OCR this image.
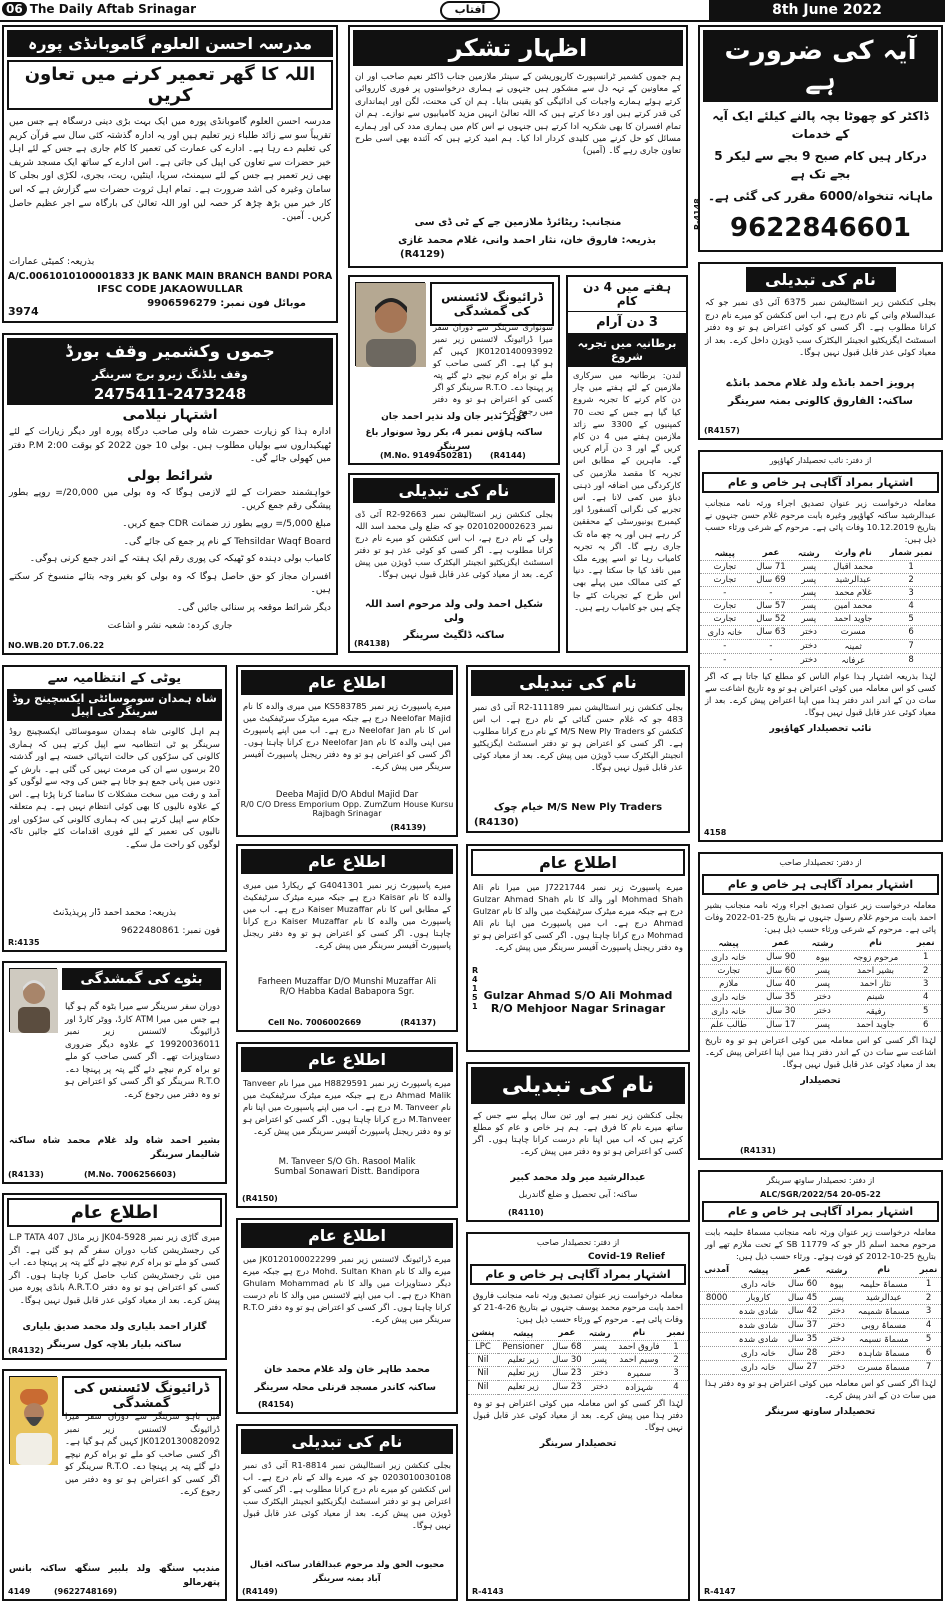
06 The Daily Aftab Srinagar	آفتاب	8th June 2022
مدرسہ احسن العلوم گاموبانڈی پورہ
اللہ کا گھر تعمیر کرنے میں تعاون کریں
مدرسہ احسن العلوم گاموبانڈی پورہ میں ایک بہت بڑی دینی درسگاہ ہے جس میں تقریباً سو سے زائد طلباء زیر تعلیم ہیں اور یہ ادارہ گذشتہ کئی سال سے قرآن کریم کی تعلیم دے رہا ہے۔ ادارے کی عمارت کی تعمیر کا کام جاری ہے جس کے لئے اہل خیر حضرات سے تعاون کی اپیل کی جاتی ہے۔ اس ادارے کے ساتھ ایک مسجد شریف بھی زیر تعمیر ہے جس کے لئے سیمنٹ، سریا، اینٹیں، ریت، بجری، لکڑی اور بجلی کا سامان وغیرہ کی اشد ضرورت ہے۔ تمام اہل ثروت حضرات سے گزارش ہے کہ اس کار خیر میں بڑھ چڑھ کر حصہ لیں اور اللہ تعالیٰ کی بارگاہ سے اجر عظیم حاصل کریں۔ آمین۔
بذریعہ: کمیٹی عمارات
A/C.0061010100001833 JK BANK MAIN BRANCH BANDI PORA
IFSC CODE JAKAOWULLAR
موبائل فون نمبر: 9906596279
3974
جموں وکشمیر وقف بورڈ
وقف بلڈنگ زیرو برج سرینگر
2475411-2473248
اشتہار نیلامی
ادارہ ہذا کو زیارت حضرت شاہ ولی صاحب درگاہ پورہ اور دیگر زیارات کے لئے ٹھیکیداروں سے بولیاں مطلوب ہیں۔ بولی 10 جون 2022 کو بوقت 2:00 P.M دفتر میں کھولی جائے گی۔
شرائط بولی
خواہشمند حضرات کے لئے لازمی ہوگا کہ وہ بولی میں 20,000/= روپے بطور پیشگی رقم جمع کریں۔
مبلغ 5,000/= روپے بطور زر ضمانت CDR جمع کریں۔
Tehsildar Waqf Board کے نام پر جمع کی جائے گی۔
کامیاب بولی دہندہ کو ٹھیکہ کی پوری رقم ایک ہفتہ کے اندر جمع کرنی ہوگی۔
افسران مجاز کو حق حاصل ہوگا کہ وہ بولی کو بغیر وجہ بتائے منسوخ کر سکتے ہیں۔
دیگر شرائط موقعہ پر سنائی جائیں گی۔
جاری کردہ: شعبہ نشر و اشاعت
NO.WB.20 DT.7.06.22
یوٹی کے انتظامیہ سے
شاہ ہمدان سوموسائٹی ایکسچینج روڈ سرینگر کی اپیل
ہم اہل کالونی شاہ ہمدان سوموسائٹی ایکسچینج روڈ سرینگر یو ٹی انتظامیہ سے اپیل کرتے ہیں کہ ہماری کالونی کی سڑکوں کی حالت انتہائی خستہ ہے اور گذشتہ 20 برسوں سے ان کی مرمت نہیں کی گئی ہے۔ بارش کے دنوں میں پانی جمع ہو جاتا ہے جس کی وجہ سے لوگوں کو آمد و رفت میں سخت مشکلات کا سامنا کرنا پڑتا ہے۔ اس کے علاوہ نالیوں کا بھی کوئی انتظام نہیں ہے۔ ہم متعلقہ حکام سے اپیل کرتے ہیں کہ ہماری کالونی کی سڑکوں اور نالیوں کی تعمیر کے لئے فوری اقدامات کئے جائیں تاکہ لوگوں کو راحت مل سکے۔
بذریعہ: محمد احمد ڈار پریذیڈنٹ
فون نمبر: 9622480861
R:4135
بٹوے کی گمشدگی
دوران سفر سرینگر سے میرا بٹوہ گم ہو گیا ہے جس میں میرا ATM کارڈ، ووٹر کارڈ اور ڈرائیونگ لائسنس زیر نمبر 19920036011 کے علاوہ دیگر ضروری دستاویزات تھے۔ اگر کسی صاحب کو ملے تو براہ کرم نیچے دئے گئے پتہ پر پہنچا دے۔ R.T.O سرینگر کو اگر کسی کو اعتراض ہو تو وہ دفتر میں رجوع کرے۔
بشیر احمد شاہ ولد غلام محمد شاہ ساکنہ شالیمار سرینگر
(R4133)	(M.No. 7006256603)
اطلاع عام
میری گاڑی زیر نمبر JK04-5928 زیر ماڈل L.P TATA 407 کی رجسٹریشن کتاب دوران سفر گم ہو گئی ہے۔ اگر کسی کو ملے تو براہ کرم نیچے دئے گئے پتہ پر پہنچا دے۔ اب میں نئی رجسٹریشن کتاب حاصل کرنا چاہتا ہوں۔ اگر کسی کو اعتراض ہو تو وہ دفتر A.R.T.O بانڈی پورہ میں پیش کرے۔ بعد از معیاد کوئی عذر قابل قبول نہیں ہوگا۔
گلزار احمد بلیاری ولد محمد صدیق بلیاری
ساکنہ بلیار بلاچہ کول سرینگر
(R4132)
ڈرائیونگ لائسنس کی گمشدگی
میں باہو سرینگر سے دوران سفر میرا ڈرائیونگ لائسنس زیر نمبر JK0120130082092 کہیں گم ہو گیا ہے۔ اگر کسی صاحب کو ملے تو براہ کرم نیچے دئے گئے پتہ پر پہنچا دے۔ R.T.O سرینگر کو اگر کسی کو اعتراض ہو تو وہ دفتر میں رجوع کرے۔
مندیپ سنگھ ولد بلبیر سنگھ ساکنہ بانس پتھرمالو
4149	(9622748169)
اظہار تشکر
ہم جموں کشمیر ٹرانسپورٹ کارپوریشن کے سینئر ملازمین جناب ڈاکٹر نعیم صاحب اور ان کے معاونین کے تہہ دل سے مشکور ہیں جنہوں نے ہماری درخواستوں پر فوری کارروائی کرتے ہوئے ہمارے واجبات کی ادائیگی کو یقینی بنایا۔ ہم ان کی محنت، لگن اور ایمانداری کی قدر کرتے ہیں اور دعا کرتے ہیں کہ اللہ تعالیٰ انہیں مزید کامیابیوں سے نوازے۔ ہم ان تمام افسران کا بھی شکریہ ادا کرتے ہیں جنہوں نے اس کام میں ہماری مدد کی اور ہمارے مسائل کو حل کرنے میں کلیدی کردار ادا کیا۔ ہم امید کرتے ہیں کہ آئندہ بھی اسی طرح تعاون جاری رہے گا۔ (آمین)
منجانب: ریٹائرڈ ملازمین جے کے ٹی ڈی سی
بذریعہ: فاروق خان، نثار احمد وانی، غلام محمد غازی
(R4129)
ڈرائیونگ لائسنس کی گمشدگی
سونواری سرینگر سے دوران سفر میرا ڈرائیونگ لائسنس زیر نمبر JK0120140093992 کہیں گم ہو گیا ہے۔ اگر کسی صاحب کو ملے تو براہ کرم نیچے دئے گئے پتہ پر پہنچا دے۔ R.T.O سرینگر کو اگر کسی کو اعتراض ہو تو وہ دفتر میں رجوع کرے۔
گوہر نذیر جان ولد نذیر احمد جان
ساکنہ ہاؤس نمبر 4، بکر روڈ سونوار باغ سرینگر
(R4144)
(M.No. 9149450281)
نام کی تبدیلی
بجلی کنکشن زیر انسٹالیشن نمبر R2-92663 آئی ڈی نمبر 0201020002623 جو کہ ضلع ولی محمد اسد اللہ ولی کے نام درج ہے، اب اس کنکشن کو میرے نام درج کرانا مطلوب ہے۔ اگر کسی کو کوئی عذر ہو تو دفتر اسسٹنٹ ایگزیکٹیو انجینئر الیکٹرک سب ڈویژن میں پیش کرے۔ بعد از معیاد کوئی عذر قابل قبول نہیں ہوگا۔
شکیل احمد ولی ولد مرحوم اسد اللہ ولی
ساکنہ ڈلگیٹ سرینگر
(R4138)
ہفتے میں 4 دن کام
3 دن آرام
برطانیہ میں تجربہ شروع
لندن: برطانیہ میں سرکاری ملازمین کے لئے ہفتے میں چار دن کام کرنے کا تجربہ شروع کیا گیا ہے جس کے تحت 70 کمپنیوں کے 3300 سے زائد ملازمین ہفتے میں 4 دن کام کریں گے اور 3 دن آرام کریں گے۔ ماہرین کے مطابق اس تجربہ کا مقصد ملازمین کی کارکردگی میں اضافہ اور ذہنی دباؤ میں کمی لانا ہے۔ اس تجربے کی نگرانی آکسفورڈ اور کیمبرج یونیورسٹی کے محققین کر رہے ہیں اور یہ چھ ماہ تک جاری رہے گا۔ اگر یہ تجربہ کامیاب رہا تو اسے پورے ملک میں نافذ کیا جا سکتا ہے۔ دنیا کے کئی ممالک میں پہلے بھی اس طرح کے تجربات کئے جا چکے ہیں جو کامیاب رہے ہیں۔
آیہ کی ضرورت ہے
ڈاکٹر کو چھوٹا بچہ پالنے کیلئے ایک آیہ کے خدمات
درکار ہیں کام صبح 9 بجے سے لیکر 5 بجے تک ہے
ماہانہ تنخواہ/6000 مقرر کی گئی ہے۔
9622846601
R-4148
نام کی تبدیلی
بجلی کنکشن زیر انسٹالیشن نمبر 6375 آئی ڈی نمبر جو کہ عبدالسلام وانی کے نام درج ہے، اب اس کنکشن کو میرے نام درج کرانا مطلوب ہے۔ اگر کسی کو کوئی اعتراض ہو تو وہ دفتر اسسٹنٹ ایگزیکٹیو انجینئر الیکٹرک سب ڈویژن داخل کرے۔ بعد از معیاد کوئی عذر قابل قبول نہیں ہوگا۔
پرویز احمد بانڈے ولد غلام محمد بانڈے
ساکنہ: الفاروق کالونی بمنہ سرینگر
(R4157)
از دفتر: نائب تحصیلدار کھاؤپور
اشتہار بمراد آگاہی ہر خاص و عام
معاملہ درخواست زیر عنوان تصدیق اجراء ورثہ نامہ منجانب عبدالرشید ساکنہ کھاؤپور وغیرہ بابت مرحوم غلام حسن جنہوں نے بتاریخ 10.12.2019 وفات پائی ہے۔ مرحوم کے شرعی ورثاء حسب ذیل ہیں:
نمبر شمار	نام وارث	رشتہ	عمر	پیشہ
1	محمد اقبال	پسر	71 سال	تجارت
2	عبدالرشید	پسر	69 سال	تجارت
3	غلام محمد	پسر	-	-
4	محمد امین	پسر	57 سال	تجارت
5	جاوید احمد	پسر	52 سال	تجارت
6	مسرت	دختر	63 سال	خانہ داری
7	ثمینہ	دختر	-	-
8	عرفانہ	دختر	-	-
لہٰذا بذریعہ اشتہار ہذا عوام الناس کو مطلع کیا جاتا ہے کہ اگر کسی کو اس معاملہ میں کوئی اعتراض ہو تو وہ تاریخ اشاعت سے سات دن کے اندر اندر دفتر ہذا میں اپنا اعتراض پیش کرے۔ بعد از معیاد کوئی عذر قابل قبول نہیں ہوگا۔
نائب تحصیلدار کھاؤپور
4158
از دفتر: تحصیلدار صاحب
اشتہار بمراد آگاہی ہر خاص و عام
معاملہ درخواست زیر عنوان تصدیق اجراء ورثہ نامہ منجانب بشیر احمد بابت مرحوم غلام رسول جنہوں نے بتاریخ 25-01-2022 وفات پائی ہے۔ مرحوم کے شرعی ورثاء حسب ذیل ہیں:
نمبر	نام	رشتہ	عمر	پیشہ
1	مرحوم زوجہ	بیوہ	90 سال	خانہ داری
2	بشیر احمد	پسر	60 سال	تجارت
3	نثار احمد	پسر	40 سال	ملازم
4	شبنم	دختر	35 سال	خانہ داری
5	رفیقہ	دختر	30 سال	خانہ داری
6	جاوید احمد	پسر	17 سال	طالب علم
لہٰذا اگر کسی کو اس معاملہ میں کوئی اعتراض ہو تو وہ تاریخ اشاعت سے سات دن کے اندر دفتر ہذا میں اپنا اعتراض پیش کرے۔ بعد از معیاد کوئی عذر قابل قبول نہیں ہوگا۔
تحصیلدار
(R4131)
از دفتر: تحصیلدار ساوتھ سرینگر
ALC/SGR/2022/54 20-05-22
اشتہار بمراد آگاہی ہر خاص و عام
معاملہ درخواست زیر عنوان ورثہ نامہ منجانب مسماۃ حلیمہ بابت مرحوم محمد اسلم ڈار جو کہ SB 11779 کے تحت ملازم تھے اور بتاریخ 25-10-2012 کو فوت ہوئے۔ ورثاء حسب ذیل ہیں:
نمبر	نام	رشتہ	عمر	پیشہ	آمدنی
1	مسماۃ حلیمہ	بیوہ	60 سال	خانہ داری	
2	عبدالرشید	پسر	45 سال	کاروبار	8000
3	مسماۃ شمیمہ	دختر	42 سال	شادی شدہ	
4	مسماۃ روبی	دختر	37 سال	شادی شدہ	
5	مسماۃ نسیمہ	دختر	35 سال	شادی شدہ	
6	مسماۃ شاہدہ	دختر	28 سال	خانہ داری	
7	مسماۃ مسرت	دختر	27 سال	خانہ داری	
لہٰذا اگر کسی کو اس معاملہ میں کوئی اعتراض ہو تو وہ دفتر ہذا میں سات دن کے اندر پیش کرے۔
تحصیلدار ساوتھ سرینگر
R-4147
اطلاع عام
میرے پاسپورٹ زیر نمبر KS583785 میں میری والدہ کا نام Neelofar Majid درج ہے جبکہ میرے میٹرک سرٹیفکیٹ میں اس کا نام Neelofar Jan درج ہے۔ اب میں اپنے پاسپورٹ میں اپنی والدہ کا نام Neelofar Jan درج کرانا چاہتا ہوں۔ اگر کسی کو اعتراض ہو تو وہ دفتر ریجنل پاسپورٹ آفیسر سرینگر میں پیش کرے۔
Deeba Majid D/O Abdul Majid Dar
R/0 C/O Dress Emporium Opp. ZumZum House Kursu Rajbagh Srinagar
(R4139)
اطلاع عام
میرے پاسپورٹ زیر نمبر G4041301 کے ریکارڈ میں میری والدہ کا نام Kaisar درج ہے جبکہ میرے میٹرک سرٹیفکیٹ کے مطابق اس کا نام Kaiser Muzaffar درج ہے۔ اب میں پاسپورٹ میں والدہ کا نام Kaiser Muzaffar درج کرانا چاہتا ہوں۔ اگر کسی کو اعتراض ہو تو وہ دفتر ریجنل پاسپورٹ آفیسر سرینگر میں پیش کرے۔
Farheen Muzaffar D/O Munshi Muzaffar Ali
R/O Habba Kadal Babapora Sgr.
(R4137)
Cell No. 7006002669
اطلاع عام
میرے پاسپورٹ زیر نمبر H8829591 میں میرا نام Tanveer Ahmad Malik درج ہے جبکہ میرے میٹرک سرٹیفکیٹ میں نام M. Tanveer درج ہے۔ اب میں اپنے پاسپورٹ میں اپنا نام M.Tanveer درج کرانا چاہتا ہوں۔ اگر کسی کو اعتراض ہو تو وہ دفتر ریجنل پاسپورٹ آفیسر سرینگر میں پیش کرے۔
M. Tanveer S/O Gh. Rasool Malik
Sumbal Sonawari Distt. Bandipora
(R4150)
اطلاع عام
میرے ڈرائیونگ لائسنس زیر نمبر JK0120100022299 میں میرے والد کا نام Mohd. Sultan Khan درج ہے جبکہ میرے دیگر دستاویزات میں والد کا نام Ghulam Mohammad Khan درج ہے۔ اب میں اپنے لائسنس میں والد کا نام درست کرانا چاہتا ہوں۔ اگر کسی کو اعتراض ہو تو وہ دفتر R.T.O سرینگر میں پیش کرے۔
محمد طاہر خان ولد غلام محمد خان
ساکنہ کاندر مسجد قرنلی محلہ سرینگر
(R4154)
نام کی تبدیلی
بجلی کنکشن زیر انسٹالیشن نمبر R1-8814 آئی ڈی نمبر 0203010030108 جو کہ میرے والد کے نام درج ہے۔ اب اس کنکشن کو میرے نام درج کرانا مطلوب ہے۔ اگر کسی کو اعتراض ہو تو دفتر اسسٹنٹ ایگزیکٹیو انجینئر الیکٹرک سب ڈویژن میں پیش کرے۔ بعد از معیاد کوئی عذر قابل قبول نہیں ہوگا۔
محبوب الحق ولد مرحوم عبدالقادر ساکنہ اقبال آباد بمنہ سرینگر
(R4149)
نام کی تبدیلی
بجلی کنکشن زیر انسٹالیشن نمبر R2-111189 آئی ڈی نمبر 483 جو کہ غلام حسن گنائی کے نام درج ہے۔ اب اس کنکشن کو M/S New Ply Traders کے نام درج کرانا مطلوب ہے۔ اگر کسی کو اعتراض ہو تو دفتر اسسٹنٹ ایگزیکٹیو انجینئر الیکٹرک سب ڈویژن میں پیش کرے۔ بعد از معیاد کوئی عذر قابل قبول نہیں ہوگا۔
M/S New Ply Traders خیام چوک
(R4130)
اطلاع عام
میرے پاسپورٹ زیر نمبر J7221744 میں میرا نام Ali Mohmad Shah اور والد کا نام Gulzar Ahmad Shah درج ہے جبکہ میرے میٹرک سرٹیفکیٹ میں والد کا نام Gulzar Ahmad درج ہے۔ اب میں پاسپورٹ میں اپنا نام Ali Mohmad درج کرانا چاہتا ہوں۔ اگر کسی کو اعتراض ہو تو وہ دفتر ریجنل پاسپورٹ آفیسر سرینگر میں پیش کرے۔
Gulzar Ahmad S/O Ali Mohmad
R/O Mehjoor Nagar Srinagar
R 4 1 5 1
نام کی تبدیلی
بجلی کنکشن زیر نمبر ہے اور تین سال پہلے سے جس کے ساتھ میرے نام کا فرق ہے۔ ہم ہر خاص و عام کو مطلع کرتے ہیں کہ اب میں اپنا نام درست کرانا چاہتا ہوں۔ اگر کسی کو اعتراض ہو تو وہ دفتر میں پیش کرے۔
عبدالرشید میر ولد محمد کبیر
ساکنہ: آبی تحصیل و ضلع گاندربل
(R4110)
از دفتر: تحصیلدار صاحب
Covid-19 Relief
اشتہار بمراد آگاہی ہر خاص و عام
معاملہ درخواست زیر عنوان تصدیق ورثہ نامہ منجانب فاروق احمد بابت مرحوم محمد یوسف جنہوں نے بتاریخ 26-4-21 کو وفات پائی ہے۔ مرحوم کے ورثاء حسب ذیل ہیں:
نمبر	نام	رشتہ	عمر	پیشہ	پنشن
1	فاروق احمد	پسر	68 سال	Pensioner	LPC
2	وسیم احمد	پسر	30 سال	زیر تعلیم	Nil
3	سمیرہ	دختر	23 سال	زیر تعلیم	Nil
4	شہزادہ	دختر	23 سال	زیر تعلیم	Nil
لہٰذا اگر کسی کو اس معاملہ میں کوئی اعتراض ہو تو وہ دفتر ہذا میں پیش کرے۔ بعد از معیاد کوئی عذر قابل قبول نہیں ہوگا۔
تحصیلدار سرینگر
R-4143
